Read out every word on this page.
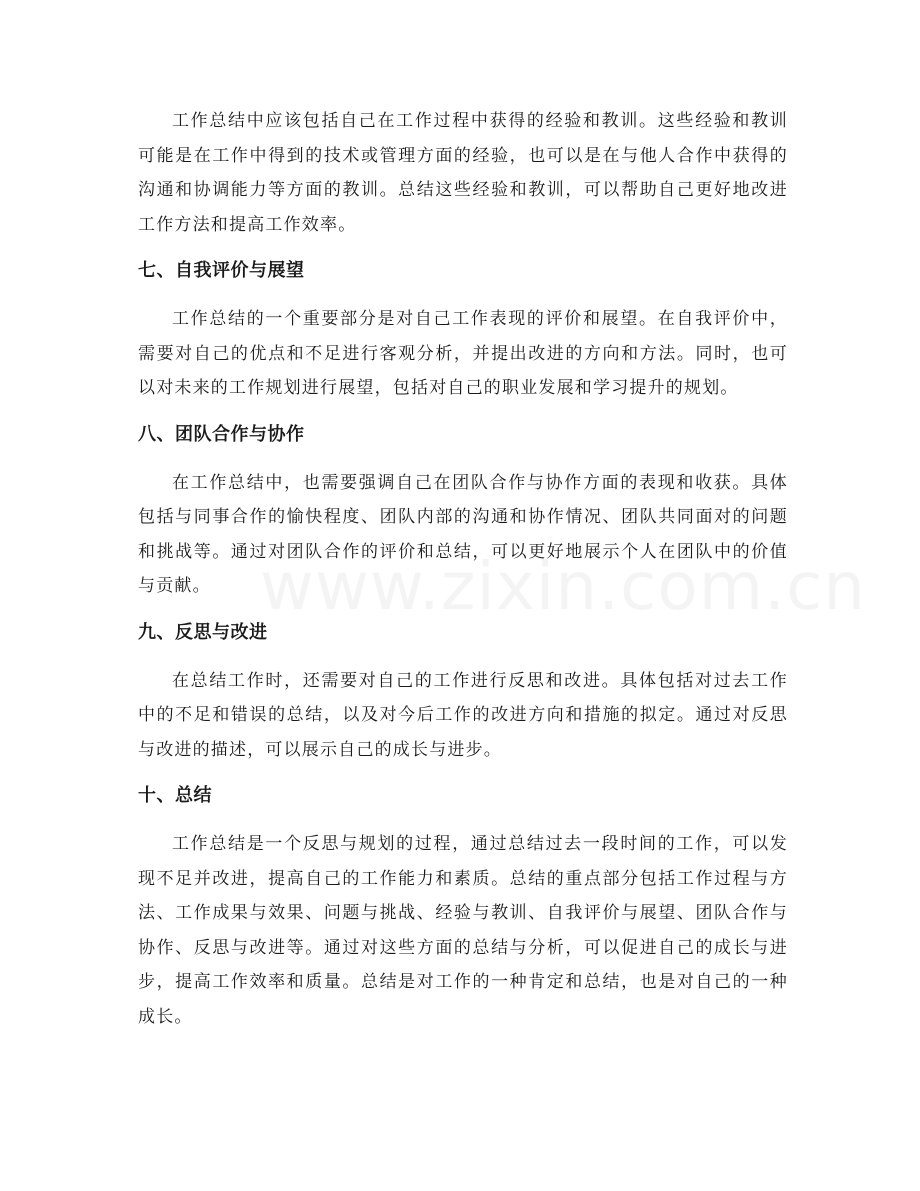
工作总结中应该包括自己在工作过程中获得的经验和教训。这些经验和教训可能是在工作中得到的技术或管理方面的经验，也可以是在与他人合作中获得的沟通和协调能力等方面的教训。总结这些经验和教训，可以帮助自己更好地改进工作方法和提高工作效率。

七、自我评价与展望

工作总结的一个重要部分是对自己工作表现的评价和展望。在自我评价中，需要对自己的优点和不足进行客观分析，并提出改进的方向和方法。同时，也可以对未来的工作规划进行展望，包括对自己的职业发展和学习提升的规划。

八、团队合作与协作

在工作总结中，也需要强调自己在团队合作与协作方面的表现和收获。具体包括与同事合作的愉快程度、团队内部的沟通和协作情况、团队共同面对的问题和挑战等。通过对团队合作的评价和总结，可以更好地展示个人在团队中的价值与贡献。

九、反思与改进

在总结工作时，还需要对自己的工作进行反思和改进。具体包括对过去工作中的不足和错误的总结，以及对今后工作的改进方向和措施的拟定。通过对反思与改进的描述，可以展示自己的成长与进步。

十、总结

工作总结是一个反思与规划的过程，通过总结过去一段时间的工作，可以发现不足并改进，提高自己的工作能力和素质。总结的重点部分包括工作过程与方法、工作成果与效果、问题与挑战、经验与教训、自我评价与展望、团队合作与协作、反思与改进等。通过对这些方面的总结与分析，可以促进自己的成长与进步，提高工作效率和质量。总结是对工作的一种肯定和总结，也是对自己的一种成长。
